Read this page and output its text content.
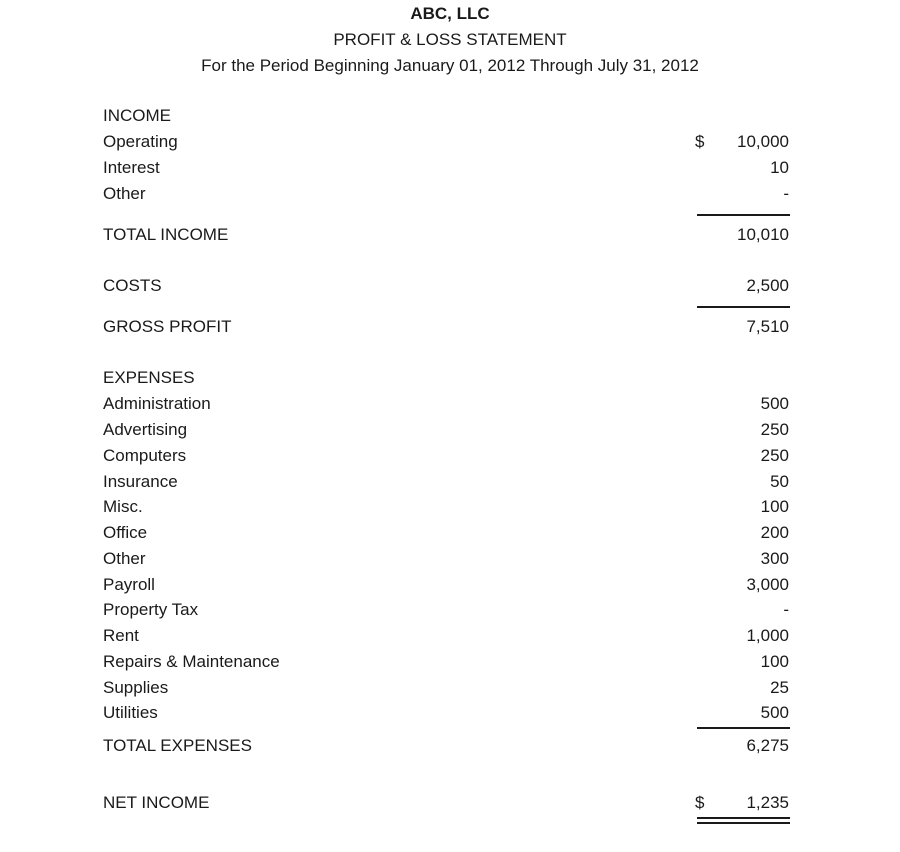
ABC, LLC
PROFIT & LOSS STATEMENT
For the Period Beginning January 01, 2012 Through July 31, 2012
INCOME
Operating	$ 10,000
Interest	10
Other	-
TOTAL INCOME	10,010
COSTS	2,500
GROSS PROFIT	7,510
EXPENSES
Administration	500
Advertising	250
Computers	250
Insurance	50
Misc.	100
Office	200
Other	300
Payroll	3,000
Property Tax	-
Rent	1,000
Repairs & Maintenance	100
Supplies	25
Utilities	500
TOTAL EXPENSES	6,275
NET INCOME	$ 1,235
